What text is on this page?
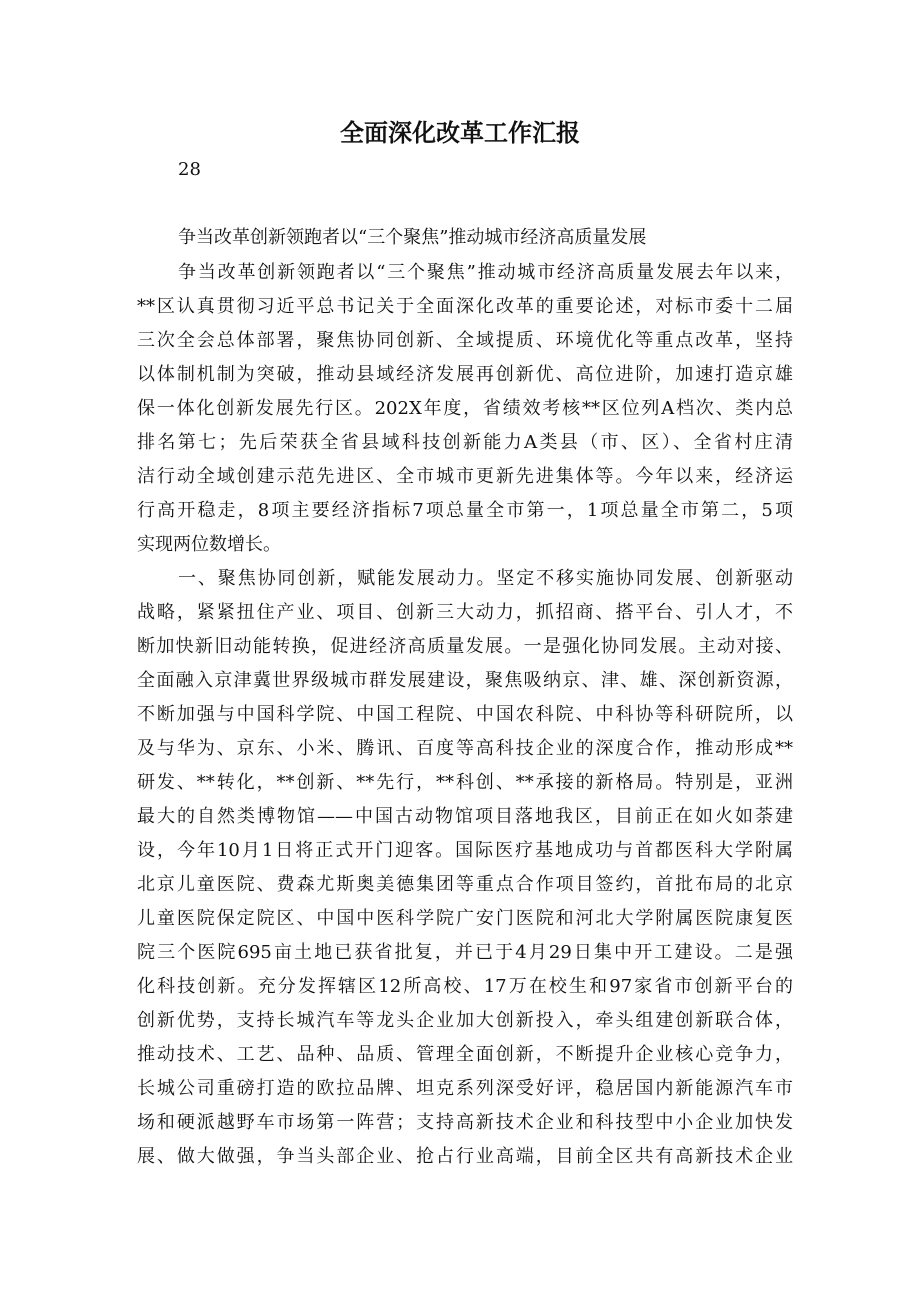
全面深化改革工作汇报
28
争当改革创新领跑者以“三个聚焦”推动城市经济高质量发展
争当改革创新领跑者以“三个聚焦”推动城市经济高质量发展去年以来，
**区认真贯彻习近平总书记关于全面深化改革的重要论述，对标市委十二届
三次全会总体部署，聚焦协同创新、全域提质、环境优化等重点改革，坚持
以体制机制为突破，推动县域经济发展再创新优、高位进阶，加速打造京雄
保一体化创新发展先行区。202X年度，省绩效考核**区位列A档次、类内总
排名第七；先后荣获全省县域科技创新能力A类县（市、区）、全省村庄清
洁行动全域创建示范先进区、全市城市更新先进集体等。今年以来，经济运
行高开稳走，8项主要经济指标7项总量全市第一，1项总量全市第二，5项
实现两位数增长。
一、聚焦协同创新，赋能发展动力。坚定不移实施协同发展、创新驱动
战略，紧紧扭住产业、项目、创新三大动力，抓招商、搭平台、引人才，不
断加快新旧动能转换，促进经济高质量发展。一是强化协同发展。主动对接、
全面融入京津冀世界级城市群发展建设，聚焦吸纳京、津、雄、深创新资源，
不断加强与中国科学院、中国工程院、中国农科院、中科协等科研院所，以
及与华为、京东、小米、腾讯、百度等高科技企业的深度合作，推动形成**
研发、**转化，**创新、**先行，**科创、**承接的新格局。特别是，亚洲
最大的自然类博物馆——中国古动物馆项目落地我区，目前正在如火如荼建
设，今年10月1日将正式开门迎客。国际医疗基地成功与首都医科大学附属
北京儿童医院、费森尤斯奥美德集团等重点合作项目签约，首批布局的北京
儿童医院保定院区、中国中医科学院广安门医院和河北大学附属医院康复医
院三个医院695亩土地已获省批复，并已于4月29日集中开工建设。二是强
化科技创新。充分发挥辖区12所高校、17万在校生和97家省市创新平台的
创新优势，支持长城汽车等龙头企业加大创新投入，牵头组建创新联合体，
推动技术、工艺、品种、品质、管理全面创新，不断提升企业核心竞争力，
长城公司重磅打造的欧拉品牌、坦克系列深受好评，稳居国内新能源汽车市
场和硬派越野车市场第一阵营；支持高新技术企业和科技型中小企业加快发
展、做大做强，争当头部企业、抢占行业高端，目前全区共有高新技术企业
